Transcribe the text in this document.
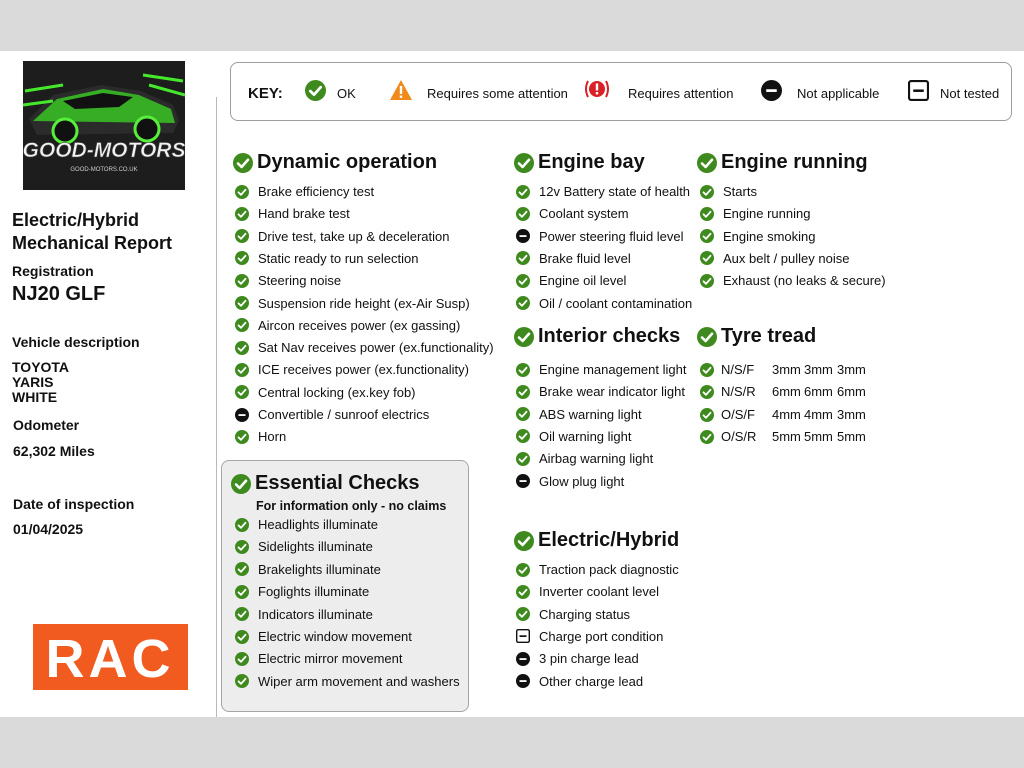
GOOD-MOTORS
GOOD-MOTORS.CO.UK
Electric/Hybrid
Mechanical Report
Registration
NJ20 GLF
Vehicle description
TOYOTA
YARIS
WHITE
Odometer
62,302 Miles
Date of inspection
01/04/2025
RAC
KEY:	OK	Requires some attention	Requires attention	Not applicable	Not tested
For information only - no claims
Dynamic operation
Brake efficiency test
Hand brake test
Drive test, take up & deceleration
Static ready to run selection
Steering noise
Suspension ride height (ex-Air Susp)
Aircon receives power (ex gassing)
Sat Nav receives power (ex.functionality)
ICE receives power (ex.functionality)
Central locking (ex.key fob)
Convertible / sunroof electrics
Horn
Essential Checks
Headlights illuminate
Sidelights illuminate
Brakelights illuminate
Foglights illuminate
Indicators illuminate
Electric window movement
Electric mirror movement
Wiper arm movement and washers
Engine bay
12v Battery state of health
Coolant system
Power steering fluid level
Brake fluid level
Engine oil level
Oil / coolant contamination
Interior checks
Engine management light
Brake wear indicator light
ABS warning light
Oil warning light
Airbag warning light
Glow plug light
Electric/Hybrid
Traction pack diagnostic
Inverter coolant level
Charging status
Charge port condition
3 pin charge lead
Other charge lead
Engine running
Starts
Engine running
Engine smoking
Aux belt / pulley noise
Exhaust (no leaks & secure)
Tyre tread
N/S/F 3mm 3mm 3mm
N/S/R 6mm 6mm 6mm
O/S/F 4mm 4mm 3mm
O/S/R 5mm 5mm 5mm
